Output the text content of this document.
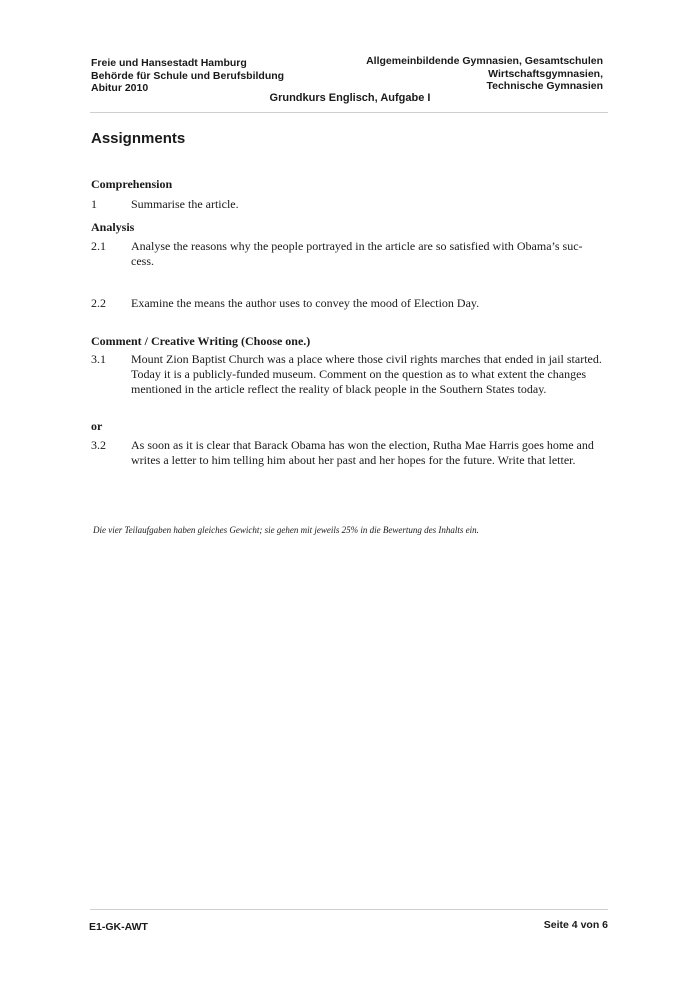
Freie und Hansestadt Hamburg
Behörde für Schule und Berufsbildung
Abitur 2010
Allgemeinbildende Gymnasien, Gesamtschulen
Wirtschaftsgymnasien,
Technische Gymnasien
Grundkurs Englisch, Aufgabe I
Assignments
Comprehension
1	Summarise the article.
Analysis
2.1	Analyse the reasons why the people portrayed in the article are so satisfied with Obama’s suc- cess.
2.2	Examine the means the author uses to convey the mood of Election Day.
Comment / Creative Writing (Choose one.)
3.1	Mount Zion Baptist Church was a place where those civil rights marches that ended in jail started. Today it is a publicly-funded museum. Comment on the question as to what extent the changes mentioned in the article reflect the reality of black people in the Southern States today.
or
3.2	As soon as it is clear that Barack Obama has won the election, Rutha Mae Harris goes home and writes a letter to him telling him about her past and her hopes for the future. Write that letter.
Die vier Teilaufgaben haben gleiches Gewicht; sie gehen mit jeweils 25% in die Bewertung des Inhalts ein.
E1-GK-AWT	Seite 4 von 6
